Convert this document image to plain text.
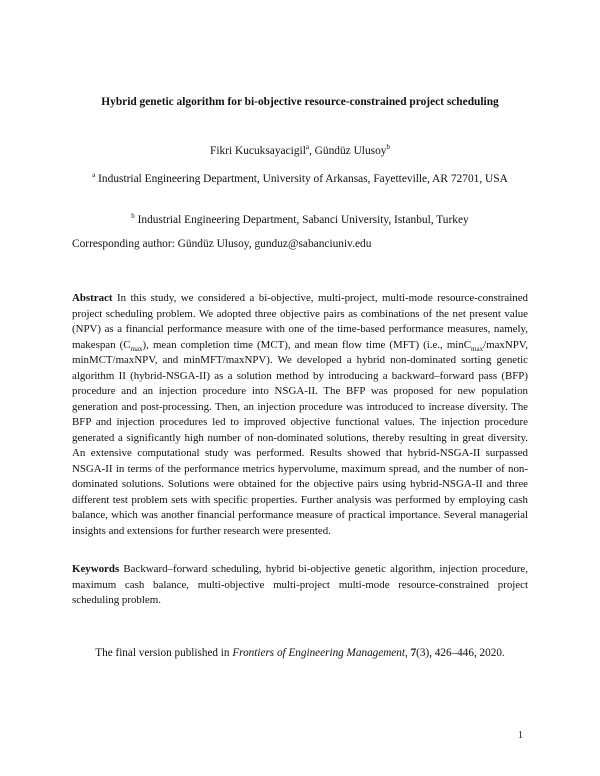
Hybrid genetic algorithm for bi-objective resource-constrained project scheduling
Fikri Kucuksayacigil$^a$, Gündüz Ulusoy$^b$
$^a$ Industrial Engineering Department, University of Arkansas, Fayetteville, AR 72701, USA
$^b$ Industrial Engineering Department, Sabanci University, Istanbul, Turkey
Corresponding author: Gündüz Ulusoy, gunduz@sabanciuniv.edu

Abstract In this study, we considered a bi-objective, multi-project, multi-mode resource-constrained project scheduling problem. We adopted three objective pairs as combinations of the net present value (NPV) as a financial performance measure with one of the time-based performance measures, namely, makespan $(C_{max})$, mean completion time (MCT), and mean flow time (MFT) (i.e., minC$_{max}$/maxNPV, minMCT/maxNPV, and minMFT/maxNPV). We developed a hybrid non-dominated sorting genetic algorithm II (hybrid-NSGA-II) as a solution method by introducing a backward–forward pass (BFP) procedure and an injection procedure into NSGA-II. The BFP was proposed for new population generation and post-processing. Then, an injection procedure was introduced to increase diversity. The BFP and injection procedures led to improved objective functional values. The injection procedure generated a significantly high number of non-dominated solutions, thereby resulting in great diversity. An extensive computational study was performed. Results showed that hybrid-NSGA-II surpassed NSGA-II in terms of the performance metrics hypervolume, maximum spread, and the number of non-dominated solutions. Solutions were obtained for the objective pairs using hybrid-NSGA-II and three different test problem sets with specific properties. Further analysis was performed by employing cash balance, which was another financial performance measure of practical importance. Several managerial insights and extensions for further research were presented.

Keywords Backward–forward scheduling, hybrid bi-objective genetic algorithm, injection procedure, maximum cash balance, multi-objective multi-project multi-mode resource-constrained project scheduling problem.

The final version published in Frontiers of Engineering Management, 7(3), 426–446, 2020.
1
